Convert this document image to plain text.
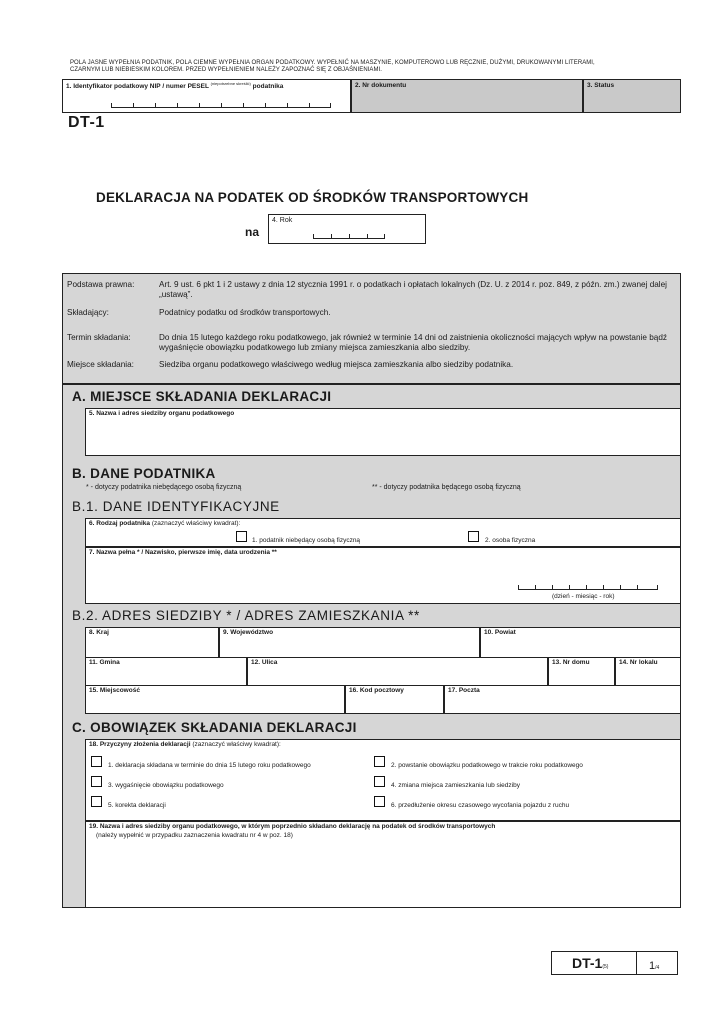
POLA JASNE WYPEŁNIA PODATNIK, POLA CIEMNE WYPEŁNIA ORGAN PODATKOWY. WYPEŁNIĆ NA MASZYNIE, KOMPUTEROWO LUB RĘCZNIE, DUŻYMI, DRUKOWANYMI LITERAMI,
CZARNYM LUB NIEBIESKIM KOLOREM. PRZED WYPEŁNIENIEM NALEŻY ZAPOZNAĆ SIĘ Z OBJAŚNIENIAMI.
1. Identyfikator podatkowy NIP / numer PESEL $^{(niepotrzebne skreślić)}$ podatnika	2. Nr dokumentu	3. Status
DT-1
DEKLARACJA NA PODATEK OD ŚRODKÓW TRANSPORTOWYCH
na
4. Rok
Podstawa prawna:	Art. 9 ust. 6 pkt 1 i 2 ustawy z dnia 12 stycznia 1991 r. o podatkach i opłatach lokalnych (Dz. U. z 2014 r. poz. 849, z późn. zm.) zwanej dalej „ustawą”.
Składający:	Podatnicy podatku od środków transportowych.
Termin składania:	Do dnia 15 lutego każdego roku podatkowego, jak również w terminie 14 dni od zaistnienia okoliczności mających wpływ na powstanie bądź wygaśnięcie obowiązku podatkowego lub zmiany miejsca zamieszkania albo siedziby.
Miejsce składania:	Siedziba organu podatkowego właściwego według miejsca zamieszkania albo siedziby podatnika.
A. MIEJSCE SKŁADANIA DEKLARACJI
5. Nazwa i adres siedziby organu podatkowego
B. DANE PODATNIKA
* - dotyczy podatnika niebędącego osobą fizyczną	** - dotyczy podatnika będącego osobą fizyczną
B.1. DANE IDENTYFIKACYJNE
6. Rodzaj podatnika (zaznaczyć właściwy kwadrat):
1. podatnik niebędący osobą fizyczną	2. osoba fizyczna
7. Nazwa pełna * / Nazwisko, pierwsze imię, data urodzenia **
(dzień - miesiąc - rok)
B.2. ADRES SIEDZIBY * / ADRES ZAMIESZKANIA **
8. Kraj	9. Województwo	10. Powiat
11. Gmina	12. Ulica	13. Nr domu	14. Nr lokalu
15. Miejscowość	16. Kod pocztowy	17. Poczta
C. OBOWIĄZEK SKŁADANIA DEKLARACJI
18. Przyczyny złożenia deklaracji (zaznaczyć właściwy kwadrat):
1. deklaracja składana w terminie do dnia 15 lutego roku podatkowego	2. powstanie obowiązku podatkowego w trakcie roku podatkowego
3. wygaśnięcie obowiązku podatkowego	4. zmiana miejsca zamieszkania lub siedziby
5. korekta deklaracji	6. przedłużenie okresu czasowego wycofania pojazdu z ruchu
19. Nazwa i adres siedziby organu podatkowego, w którym poprzednio składano deklarację na podatek od środków transportowych
(należy wypełnić w przypadku zaznaczenia kwadratu nr 4 w poz. 18)
DT-1(5)	1/4
